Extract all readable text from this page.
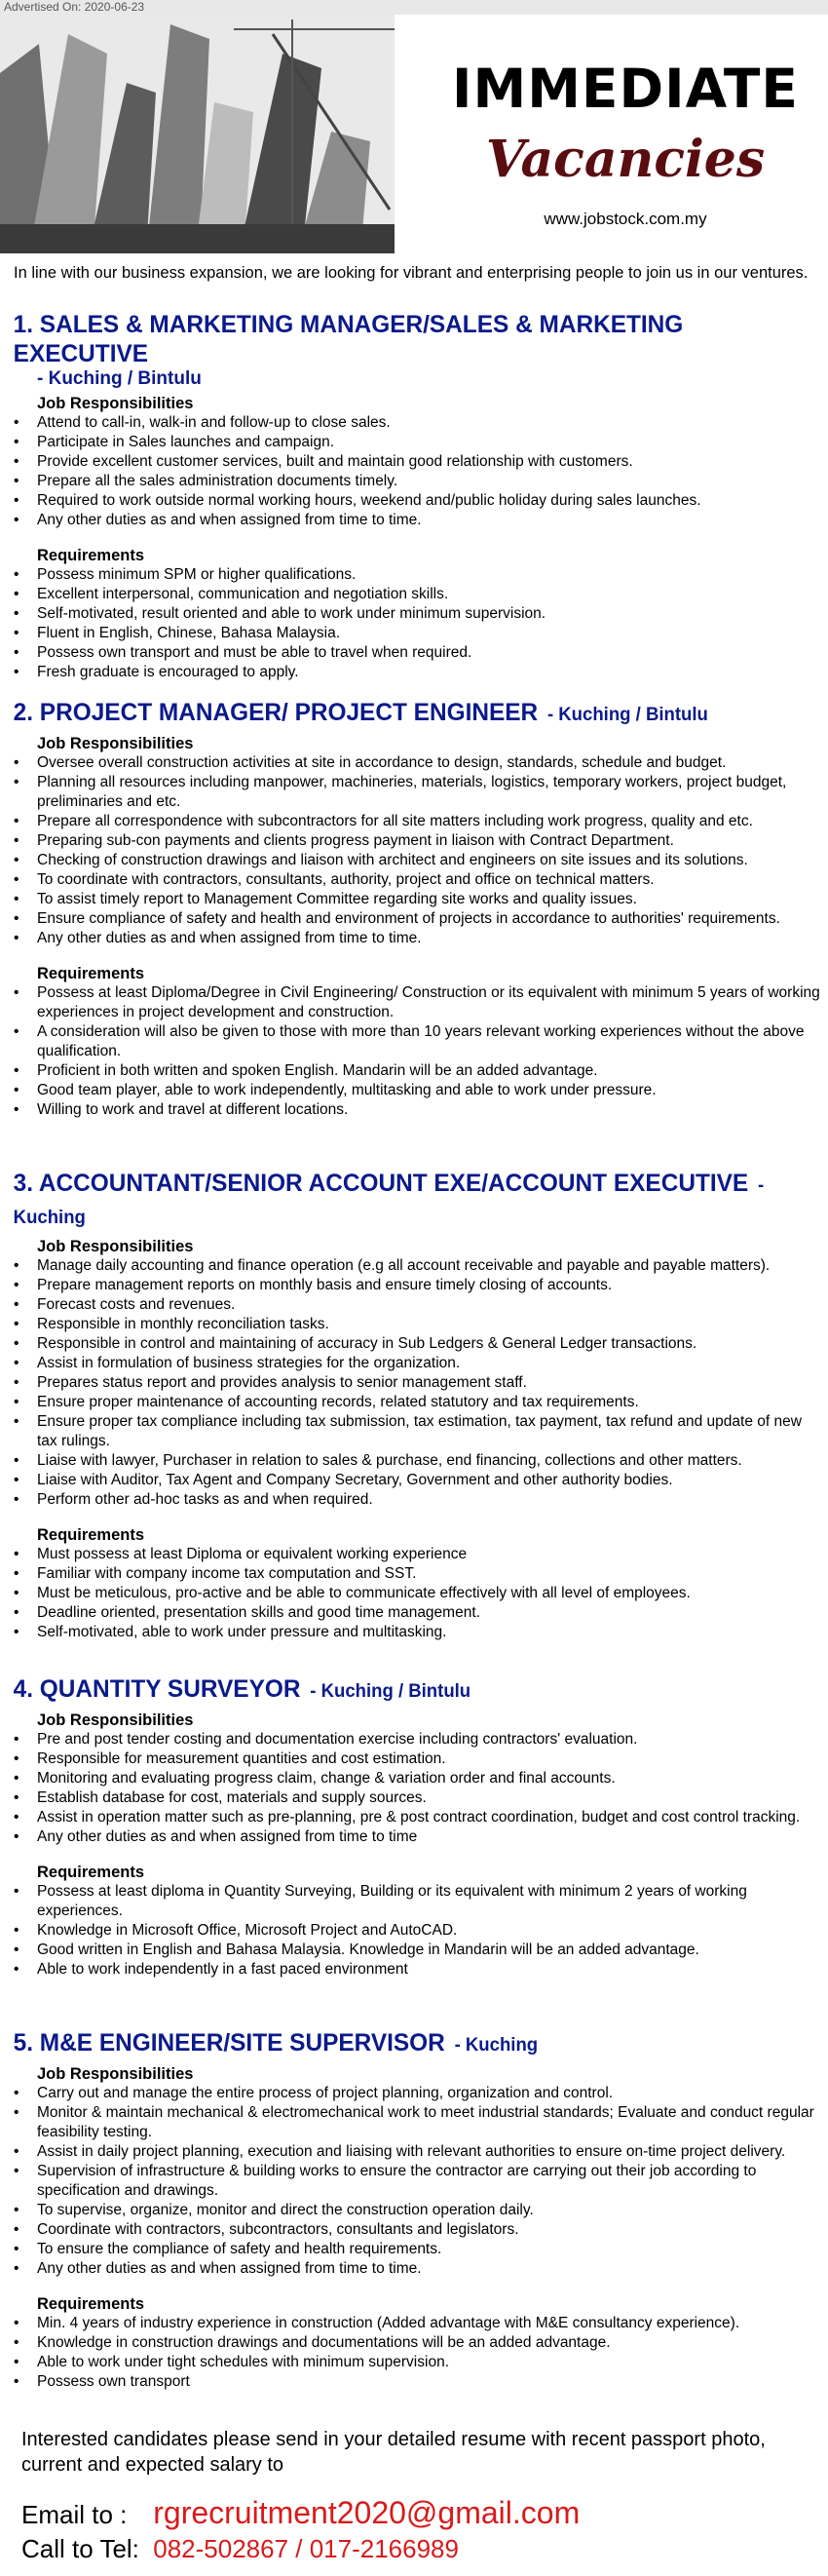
Advertised On: 2020-06-23
IMMEDIATE
Vacancies
www.jobstock.com.my
In line with our business expansion, we are looking for vibrant and enterprising people to join us in our ventures.
1. SALES & MARKETING MANAGER/SALES & MARKETING EXECUTIVE
- Kuching / Bintulu
Job Responsibilities
• Attend to call-in, walk-in and follow-up to close sales.
• Participate in Sales launches and campaign.
• Provide excellent customer services, built and maintain good relationship with customers.
• Prepare all the sales administration documents timely.
• Required to work outside normal working hours, weekend and/public holiday during sales launches.
• Any other duties as and when assigned from time to time.
Requirements
• Possess minimum SPM or higher qualifications.
• Excellent interpersonal, communication and negotiation skills.
• Self-motivated, result oriented and able to work under minimum supervision.
• Fluent in English, Chinese, Bahasa Malaysia.
• Possess own transport and must be able to travel when required.
• Fresh graduate is encouraged to apply.
2. PROJECT MANAGER/ PROJECT ENGINEER - Kuching / Bintulu
Job Responsibilities
• Oversee overall construction activities at site in accordance to design, standards, schedule and budget.
• Planning all resources including manpower, machineries, materials, logistics, temporary workers, project budget, preliminaries and etc.
• Prepare all correspondence with subcontractors for all site matters including work progress, quality and etc.
• Preparing sub-con payments and clients progress payment in liaison with Contract Department.
• Checking of construction drawings and liaison with architect and engineers on site issues and its solutions.
• To coordinate with contractors, consultants, authority, project and office on technical matters.
• To assist timely report to Management Committee regarding site works and quality issues.
• Ensure compliance of safety and health and environment of projects in accordance to authorities' requirements.
• Any other duties as and when assigned from time to time.
Requirements
• Possess at least Diploma/Degree in Civil Engineering/ Construction or its equivalent with minimum 5 years of working experiences in project development and construction.
• A consideration will also be given to those with more than 10 years relevant working experiences without the above qualification.
• Proficient in both written and spoken English. Mandarin will be an added advantage.
• Good team player, able to work independently, multitasking and able to work under pressure.
• Willing to work and travel at different locations.
3. ACCOUNTANT/SENIOR ACCOUNT EXE/ACCOUNT EXECUTIVE - Kuching
Job Responsibilities
• Manage daily accounting and finance operation (e.g all account receivable and payable and payable matters).
• Prepare management reports on monthly basis and ensure timely closing of accounts.
• Forecast costs and revenues.
• Responsible in monthly reconciliation tasks.
• Responsible in control and maintaining of accuracy in Sub Ledgers & General Ledger transactions.
• Assist in formulation of business strategies for the organization.
• Prepares status report and provides analysis to senior management staff.
• Ensure proper maintenance of accounting records, related statutory and tax requirements.
• Ensure proper tax compliance including tax submission, tax estimation, tax payment, tax refund and update of new tax rulings.
• Liaise with lawyer, Purchaser in relation to sales & purchase, end financing, collections and other matters.
• Liaise with Auditor, Tax Agent and Company Secretary, Government and other authority bodies.
• Perform other ad-hoc tasks as and when required.
Requirements
• Must possess at least Diploma or equivalent working experience
• Familiar with company income tax computation and SST.
• Must be meticulous, pro-active and be able to communicate effectively with all level of employees.
• Deadline oriented, presentation skills and good time management.
• Self-motivated, able to work under pressure and multitasking.
4. QUANTITY SURVEYOR - Kuching / Bintulu
Job Responsibilities
• Pre and post tender costing and documentation exercise including contractors' evaluation.
• Responsible for measurement quantities and cost estimation.
• Monitoring and evaluating progress claim, change & variation order and final accounts.
• Establish database for cost, materials and supply sources.
• Assist in operation matter such as pre-planning, pre & post contract coordination, budget and cost control tracking.
• Any other duties as and when assigned from time to time
Requirements
• Possess at least diploma in Quantity Surveying, Building or its equivalent with minimum 2 years of working experiences.
• Knowledge in Microsoft Office, Microsoft Project and AutoCAD.
• Good written in English and Bahasa Malaysia. Knowledge in Mandarin will be an added advantage.
• Able to work independently in a fast paced environment
5. M&E ENGINEER/SITE SUPERVISOR - Kuching
Job Responsibilities
• Carry out and manage the entire process of project planning, organization and control.
• Monitor & maintain mechanical & electromechanical work to meet industrial standards; Evaluate and conduct regular feasibility testing.
• Assist in daily project planning, execution and liaising with relevant authorities to ensure on-time project delivery.
• Supervision of infrastructure & building works to ensure the contractor are carrying out their job according to specification and drawings.
• To supervise, organize, monitor and direct the construction operation daily.
• Coordinate with contractors, subcontractors, consultants and legislators.
• To ensure the compliance of safety and health requirements.
• Any other duties as and when assigned from time to time.
Requirements
• Min. 4 years of industry experience in construction (Added advantage with M&E consultancy experience).
• Knowledge in construction drawings and documentations will be an added advantage.
• Able to work under tight schedules with minimum supervision.
• Possess own transport
Interested candidates please send in your detailed resume with recent passport photo, current and expected salary to
Email to : rgrecruitment2020@gmail.com
Call to Tel: 082-502867 / 017-2166989
